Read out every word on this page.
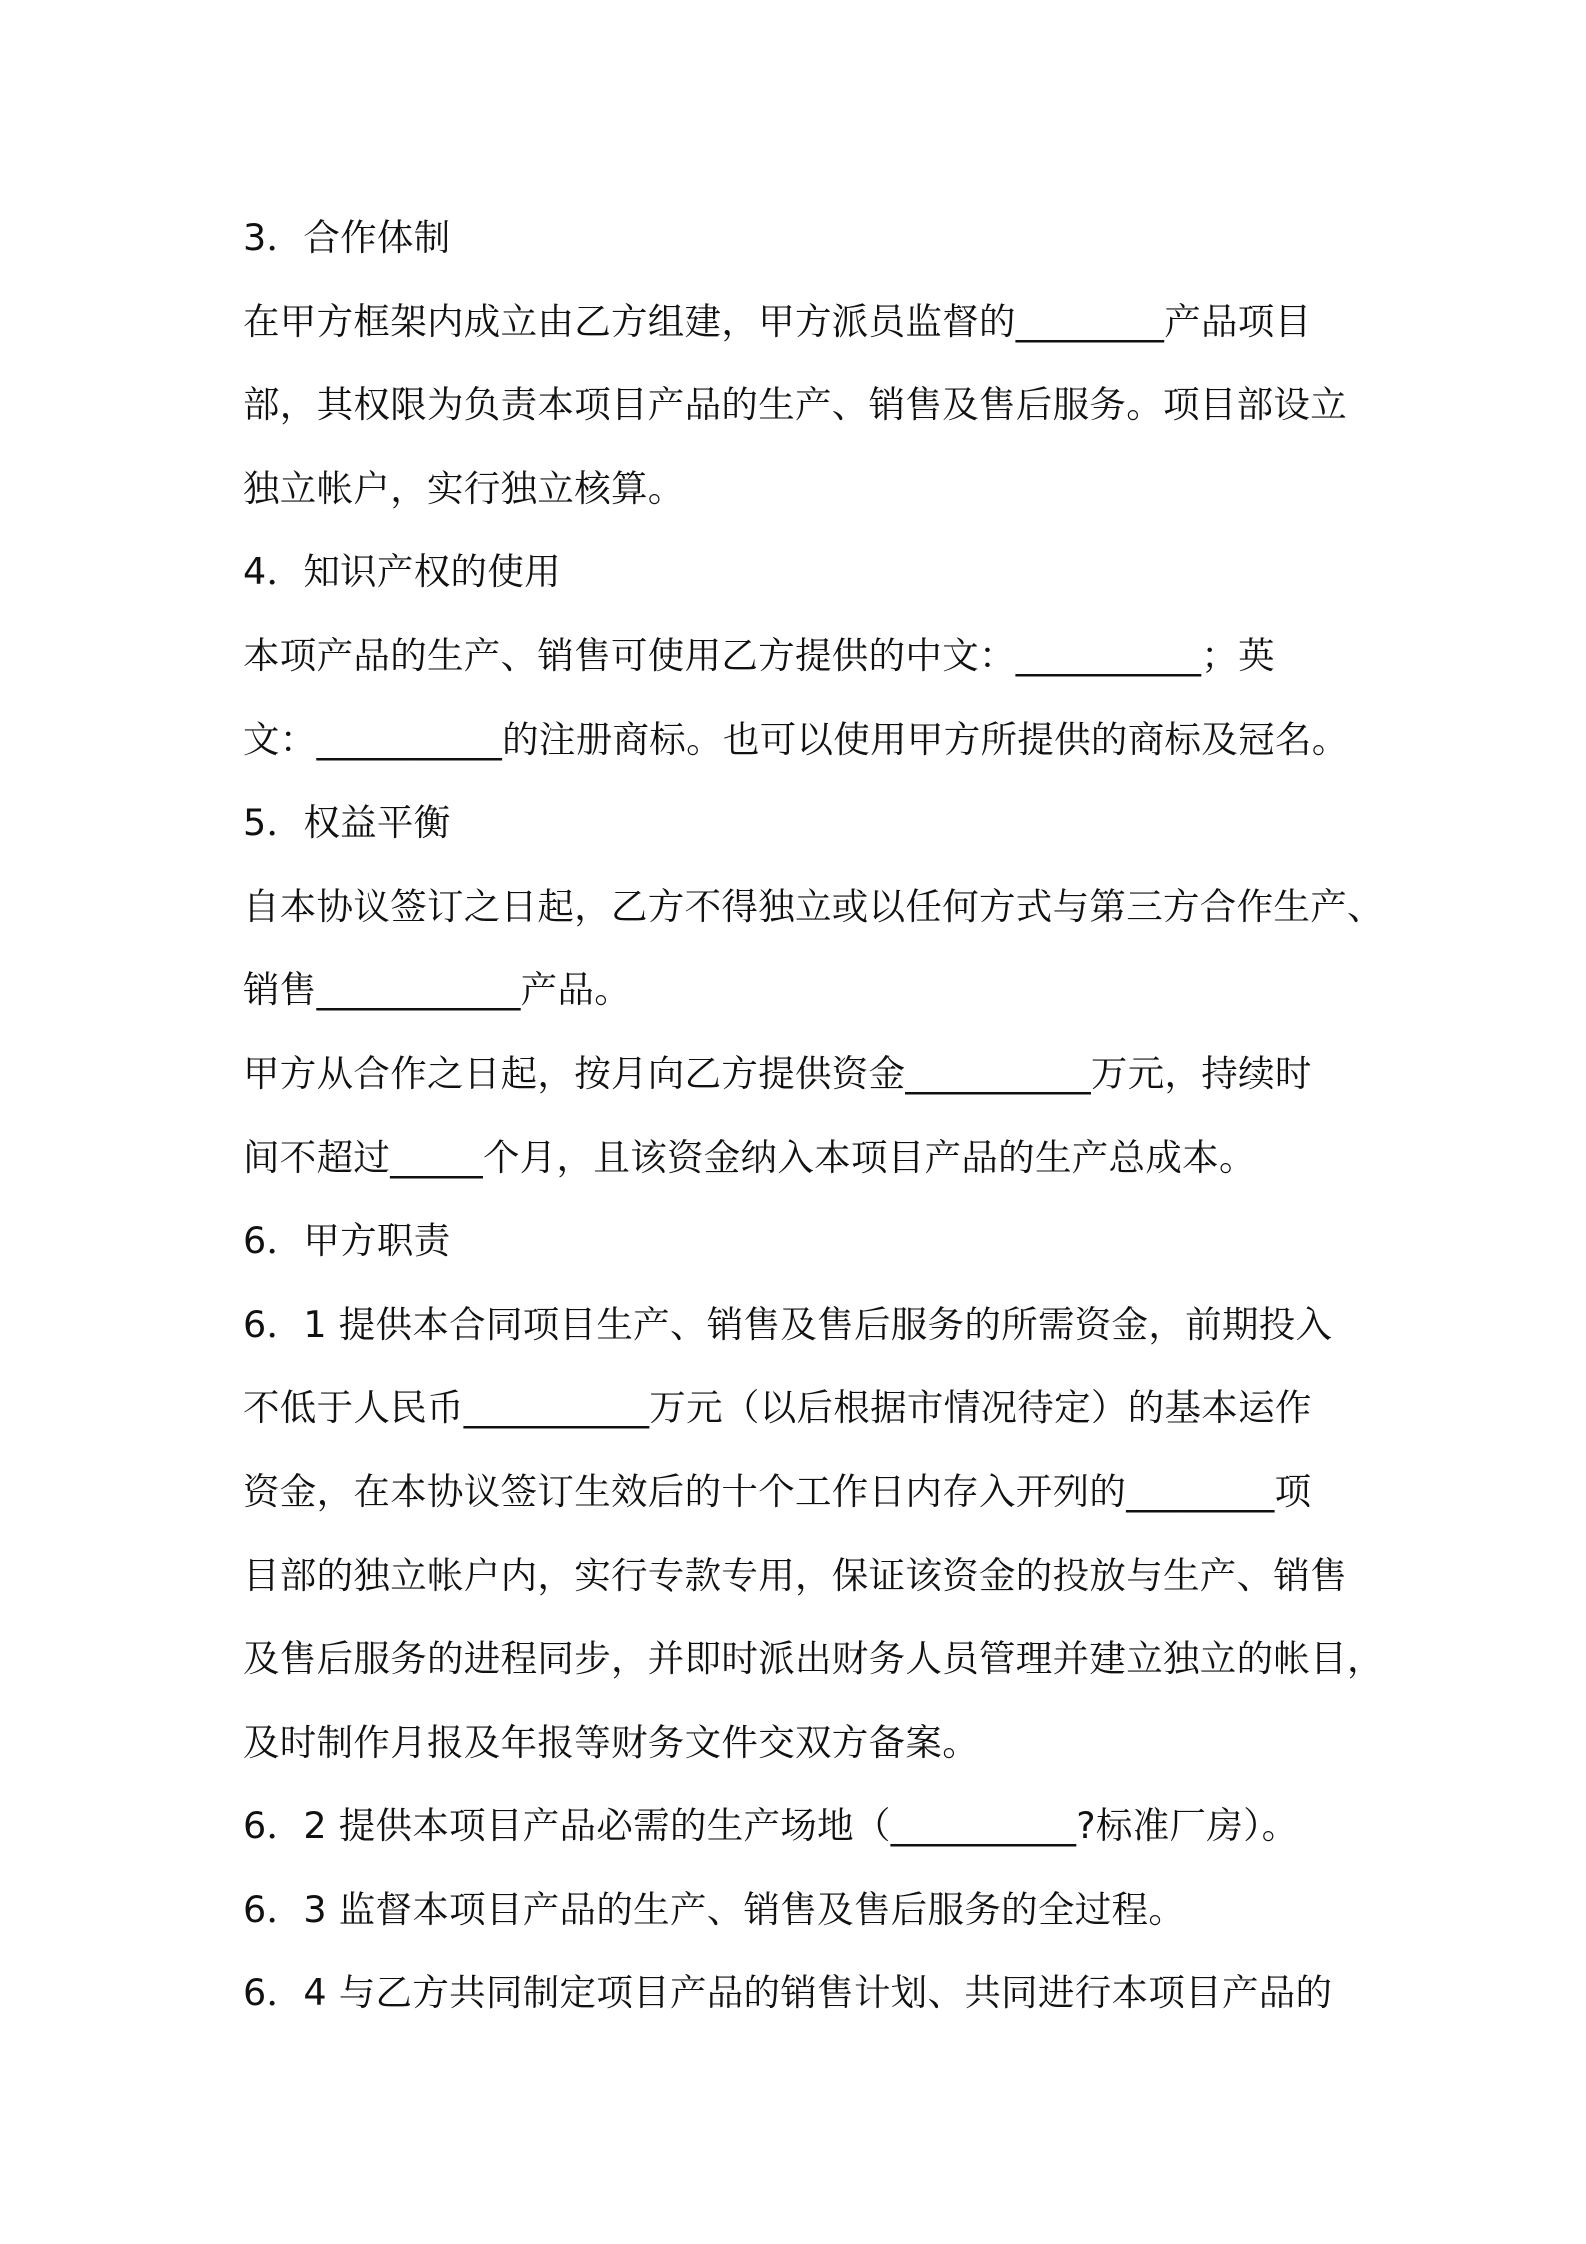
3．合作体制
在甲方框架内成立由乙方组建，甲方派员监督的________产品项目
部，其权限为负责本项目产品的生产、销售及售后服务。项目部设立
独立帐户，实行独立核算。
4．知识产权的使用
本项产品的生产、销售可使用乙方提供的中文：__________；英
文：__________的注册商标。也可以使用甲方所提供的商标及冠名。
5．权益平衡
自本协议签订之日起，乙方不得独立或以任何方式与第三方合作生产、
销售___________产品。
甲方从合作之日起，按月向乙方提供资金__________万元，持续时
间不超过_____个月，且该资金纳入本项目产品的生产总成本。
6．甲方职责
6．1 提供本合同项目生产、销售及售后服务的所需资金，前期投入
不低于人民币__________万元（以后根据市情况待定）的基本运作
资金，在本协议签订生效后的十个工作日内存入开列的________项
目部的独立帐户内，实行专款专用，保证该资金的投放与生产、销售
及售后服务的进程同步，并即时派出财务人员管理并建立独立的帐目，
及时制作月报及年报等财务文件交双方备案。
6．2 提供本项目产品必需的生产场地（__________?标准厂房）。
6．3 监督本项目产品的生产、销售及售后服务的全过程。
6．4 与乙方共同制定项目产品的销售计划、共同进行本项目产品的
